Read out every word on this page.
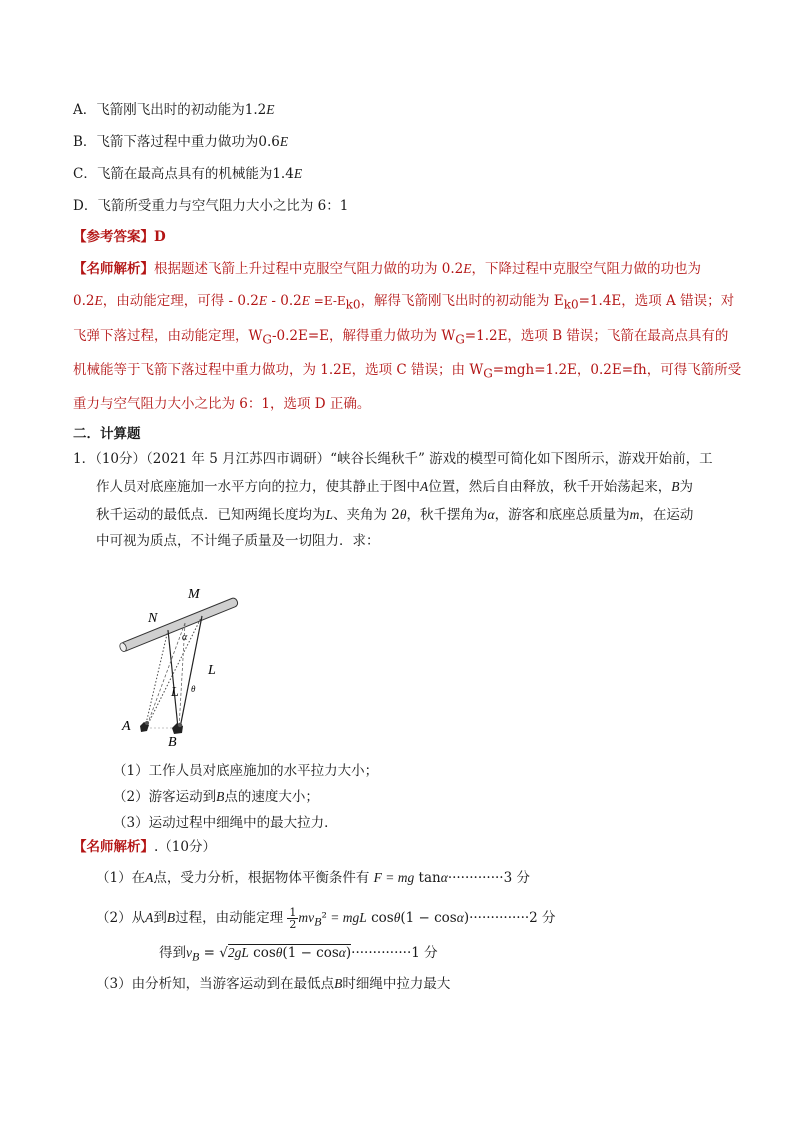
A．飞箭刚飞出时的初动能为1.2E
B．飞箭下落过程中重力做功为0.6E
C．飞箭在最高点具有的机械能为1.4E
D．飞箭所受重力与空气阻力大小之比为 6：1
【参考答案】D
【名师解析】根据题述飞箭上升过程中克服空气阻力做的功为 0.2E，下降过程中克服空气阻力做的功也为
0.2E，由动能定理，可得 - $0.2E - 0.2E =E-E_{k0}$，解得飞箭刚飞出时的初动能为 $E_{k0}=1.4E$，选项 A 错误；对
飞弹下落过程，由动能定理，$W_G-0.2E=E$，解得重力做功为 $W_G=1.2E$，选项 B 错误；飞箭在最高点具有的
机械能等于飞箭下落过程中重力做功，为 1.2E，选项 C 错误；由 $W_G=mgh=1.2E$，0.2E=fh，可得飞箭所受
重力与空气阻力大小之比为 6：1，选项 D 正确。
二．计算题
1．（10分）（2021 年 5 月江苏四市调研）“峡谷长绳秋千” 游戏的模型可简化如下图所示，游戏开始前，工
作人员对底座施加一水平方向的拉力，使其静止于图中A位置，然后自由释放，秋千开始荡起来，B为
秋千运动的最低点．已知两绳长度均为L、夹角为 2θ，秋千摆角为α，游客和底座总质量为m，在运动
中可视为质点，不计绳子质量及一切阻力．求：
M
N
L
L
α
θ
A
B
（1）工作人员对底座施加的水平拉力大小；
（2）游客运动到B点的速度大小；
（3）运动过程中细绳中的最大拉力．
【名师解析】.（10分）
（1）在A点，受力分析，根据物体平衡条件有 F = mg tanα·············3 分
（2）从A到B过程，由动能定理 $\frac{1}{2} mv_B^2$ = mgL cosθ(1 − cosα)··············2 分
得到$v_B = √2gL$ cosθ(1 − cosα)··············1 分
（3）由分析知，当游客运动到在最低点B时细绳中拉力最大
